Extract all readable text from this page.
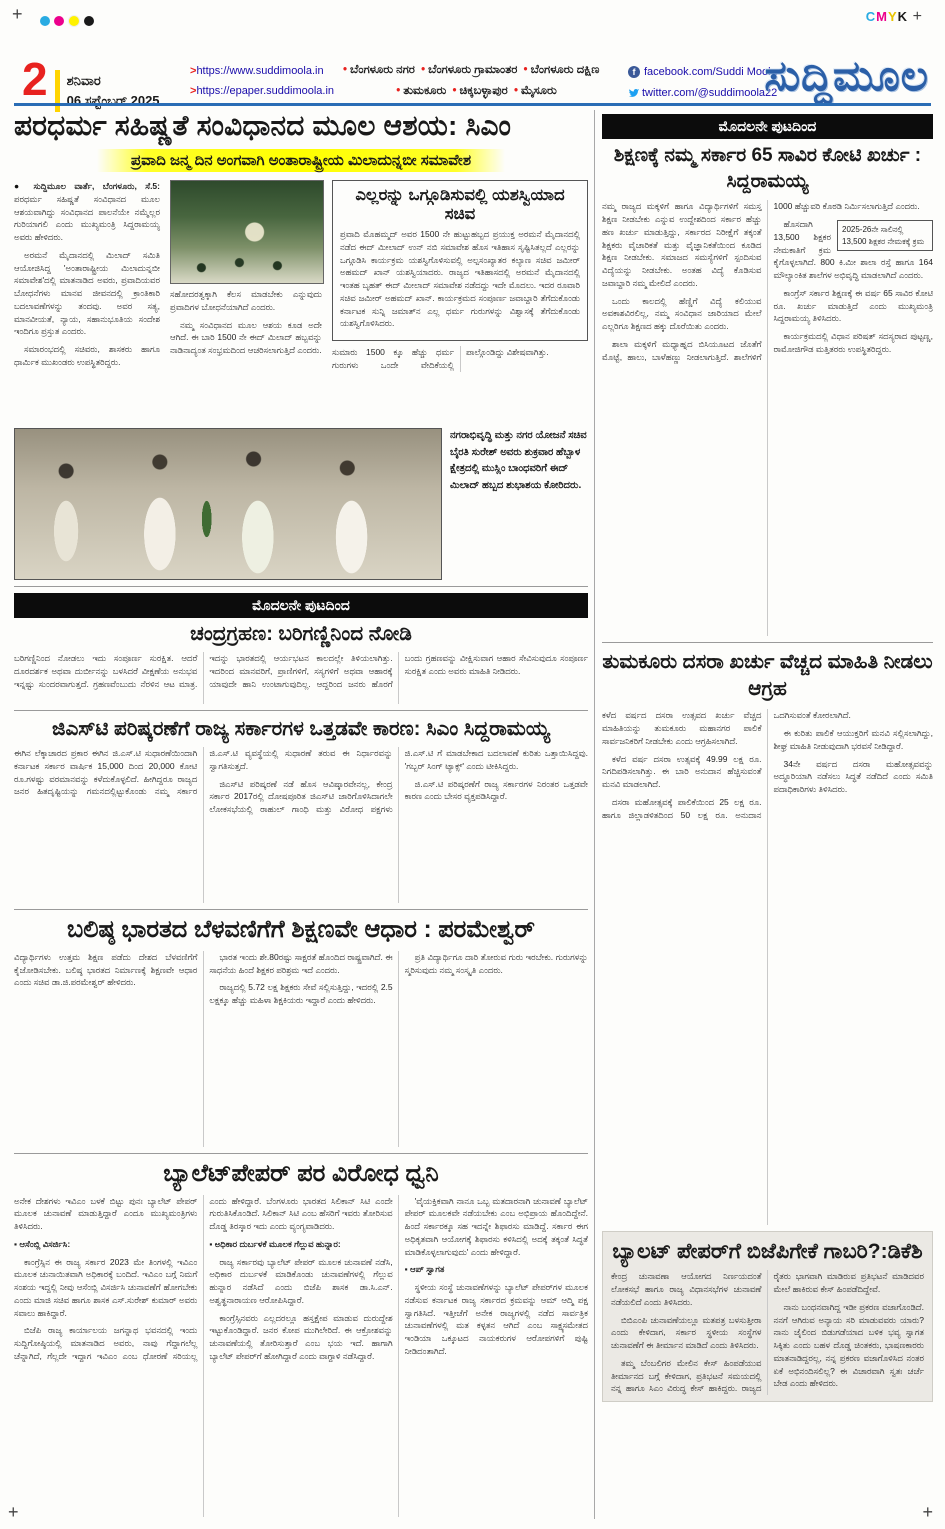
+	CMYK +
+	+
2 ಶನಿವಾರ
06 ಸಪ್ಟೆಂಬರ್ 2025
>https://www.suddimoola.in
>https://epaper.suddimoola.in
• ಬೆಂಗಳೂರು ನಗರ • ಬೆಂಗಳೂರು ಗ್ರಾಮಾಂತರ • ಬೆಂಗಳೂರು ದಕ್ಷಿಣ
• ತುಮಕೂರು • ಚಿಕ್ಕಬಳ್ಳಾಪುರ • ಮೈಸೂರು
f facebook.com/Suddi Moola
twitter.com/@suddimoola22
ಸುದ್ದಿಮೂಲ
ಪರಧರ್ಮ ಸಹಿಷ್ಣತೆ ಸಂವಿಧಾನದ ಮೂಲ ಆಶಯ: ಸಿಎಂ
ಪ್ರವಾದಿ ಜನ್ಮ ದಿನ ಅಂಗವಾಗಿ ಅಂತಾರಾಷ್ಟ್ರೀಯ ಮಿಲಾದುನ್ನಬೀ ಸಮಾವೇಶ

● ಸುದ್ದಿಮೂಲ ವಾರ್ತೆ, ಬೆಂಗಳೂರು, ಸೆ.5: ಪರಧರ್ಮ ಸಹಿಷ್ಣತೆ ಸಂವಿಧಾನದ ಮೂಲ ಆಶಯವಾಗಿದ್ದು ಸಂವಿಧಾನದ ಪಾಲನೆಯೇ ನಮ್ಮೆಲ್ಲರ ಗುರಿಯಾಗಲಿ ಎಂದು ಮುಖ್ಯಮಂತ್ರಿ ಸಿದ್ದರಾಮಯ್ಯ ಅವರು ಹೇಳಿದರು.

ಅರಮನೆ ಮೈದಾನದಲ್ಲಿ ಮಿಲಾದ್ ಸಮಿತಿ ಆಯೋಜಿಸಿದ್ದ 'ಅಂತಾರಾಷ್ಟ್ರೀಯ ಮಿಲಾದುನ್ನಬೀ ಸಮಾವೇಶ'ದಲ್ಲಿ ಮಾತನಾಡಿದ ಅವರು, ಪ್ರವಾದಿಯವರ ಬೋಧನೆಗಳು ಮಾನವ ಜೀವನದಲ್ಲಿ ಕ್ರಾಂತಿಕಾರಿ ಬದಲಾವಣೆಗಳನ್ನು ತಂದವು. ಅವರ ಸತ್ಯ, ಮಾನವೀಯತೆ, ನ್ಯಾಯ, ಸಹಾನುಭೂತಿಯ ಸಂದೇಶ ಇಂದಿಗೂ ಪ್ರಸ್ತುತ ಎಂದರು.

ಸಮಾರಂಭದಲ್ಲಿ ಸಚಿವರು, ಶಾಸಕರು ಹಾಗೂ ಧಾರ್ಮಿಕ ಮುಖಂಡರು ಉಪಸ್ಥಿತರಿದ್ದರು.

ಸಹೋದರತ್ವಕ್ಕಾಗಿ ಕೆಲಸ ಮಾಡಬೇಕು ಎನ್ನುವುದು ಪ್ರವಾದಿಗಳ ಬೋಧನೆಯಾಗಿದೆ ಎಂದರು.

ನಮ್ಮ ಸಂವಿಧಾನದ ಮೂಲ ಆಶಯ ಕೂಡ ಅದೇ ಆಗಿದೆ. ಈ ಬಾರಿ 1500 ನೇ ಈದ್ ಮಿಲಾದ್ ಹಬ್ಬವನ್ನು ನಾಡಿನಾದ್ಯಂತ ಸಂಭ್ರಮದಿಂದ ಆಚರಿಸಲಾಗುತ್ತಿದೆ ಎಂದರು.

ಎಲ್ಲರನ್ನು ಒಗ್ಗೂಡಿಸುವಲ್ಲಿ ಯಶಸ್ವಿಯಾದ ಸಚಿವ

ಪ್ರವಾದಿ ಮೊಹಮ್ಮದ್ ಅವರ 1500 ನೇ ಹುಟ್ಟುಹಬ್ಬದ ಪ್ರಯುಕ್ತ ಅರಮನೆ ಮೈದಾನದಲ್ಲಿ ನಡೆದ ಈದ್ ಮೀಲಾದ್ ಉನ್ ನಬಿ ಸಮಾವೇಶ ಹೊಸ ಇತಿಹಾಸ ಸೃಷ್ಟಿಸಿತಲ್ಲದೆ ಎಲ್ಲರನ್ನು ಒಗ್ಗೂಡಿಸಿ ಕಾರ್ಯಕ್ರಮ ಯಶಸ್ವಿಗೊಳಿಸುವಲ್ಲಿ ಅಲ್ಪಸಂಖ್ಯಾತರ ಕಲ್ಯಾಣ ಸಚಿವ ಜಮೀರ್ ಅಹಮದ್ ಖಾನ್ ಯಶಸ್ವಿಯಾದರು. ರಾಜ್ಯದ ಇತಿಹಾಸದಲ್ಲಿ ಅರಮನೆ ಮೈದಾನದಲ್ಲಿ ಇಂತಹ ಬೃಹತ್ ಈದ್ ಮೀಲಾದ್ ಸಮಾವೇಶ ನಡೆದದ್ದು ಇದೇ ಮೊದಲು. ಇದರ ರೂವಾರಿ ಸಚಿವ ಜಮೀರ್ ಅಹಮದ್ ಖಾನ್. ಕಾರ್ಯಕ್ರಮದ ಸಂಪೂರ್ಣ ಜವಾಬ್ದಾರಿ ತೆಗೆದುಕೊಂಡು ಕರ್ನಾಟಕ ಸುನ್ನಿ ಜಮಾತ್‌ನ ಎಲ್ಲ ಧರ್ಮ ಗುರುಗಳನ್ನು ವಿಶ್ವಾಸಕ್ಕೆ ತೆಗೆದುಕೊಂಡು ಯಶಸ್ವಿಗೊಳಿಸಿದರು.

ಸುಮಾರು 1500 ಕ್ಕೂ ಹೆಚ್ಚು ಧರ್ಮ ಗುರುಗಳು ಒಂದೇ ವೇದಿಕೆಯಲ್ಲಿ ಪಾಲ್ಗೊಂಡಿದ್ದು ವಿಶೇಷವಾಗಿತ್ತು.

ನಗರಾಭಿವೃದ್ಧಿ ಮತ್ತು ನಗರ ಯೋಜನೆ ಸಚಿವ ಬೈರತಿ ಸುರೇಶ್ ಅವರು ಶುಕ್ರವಾರ ಹೆಬ್ಬಾಳ ಕ್ಷೇತ್ರದಲ್ಲಿ ಮುಸ್ಲಿಂ ಬಾಂಧವರಿಗೆ ಈದ್ ಮಿಲಾದ್ ಹಬ್ಬದ ಶುಭಾಶಯ ಕೋರಿದರು.
ಮೊದಲನೇ ಪುಟದಿಂದ
ಚಂದ್ರಗ್ರಹಣ: ಬರಿಗಣ್ಣಿನಿಂದ ನೋಡಿ

ಬರಿಗಣ್ಣಿನಿಂದ ನೋಡಲು ಇದು ಸಂಪೂರ್ಣ ಸುರಕ್ಷಿತ. ಆದರೆ ದೂರದರ್ಶಕ ಅಥವಾ ದುರ್ಬೀನನ್ನು ಬಳಸಿದರೆ ವೀಕ್ಷಣೆಯ ಅನುಭವ ಇನ್ನಷ್ಟು ಸುಂದರವಾಗುತ್ತದೆ. ಗ್ರಹಣವೆಂಬುದು ನೆರಳಿನ ಆಟ ಮಾತ್ರ. ಇದನ್ನು ಭಾರತದಲ್ಲಿ ಆರ್ಯಭಟನ ಕಾಲದಲ್ಲೇ ತಿಳಿಯಲಾಗಿತ್ತು. ಇದರಿಂದ ಮಾನವರಿಗೆ, ಪ್ರಾಣಿಗಳಿಗೆ, ಸಸ್ಯಗಳಿಗೆ ಅಥವಾ ಆಹಾರಕ್ಕೆ ಯಾವುದೇ ಹಾನಿ ಉಂಟಾಗುವುದಿಲ್ಲ. ಆದ್ದರಿಂದ ಜನರು ಹೊರಗೆ ಬಂದು ಗ್ರಹಣವನ್ನು ವೀಕ್ಷಿಸುವಾಗ ಆಹಾರ ಸೇವಿಸುವುದೂ ಸಂಪೂರ್ಣ ಸುರಕ್ಷಿತ ಎಂದು ಅವರು ಮಾಹಿತಿ ನೀಡಿದರು.

ಜಿಎಸ್‌ಟಿ ಪರಿಷ್ಕರಣೆಗೆ ರಾಜ್ಯ ಸರ್ಕಾರಗಳ ಒತ್ತಡವೇ ಕಾರಣ: ಸಿಎಂ ಸಿದ್ದರಾಮಯ್ಯ

ಈಗಿನ ಲೆಕ್ಕಾಚಾರದ ಪ್ರಕಾರ ಈಗಿನ ಜಿ.ಎಸ್.ಟಿ ಸುಧಾರಣೆಯಿಂದಾಗಿ ಕರ್ನಾಟಕ ಸರ್ಕಾರ ವಾರ್ಷಿಕ 15,000 ದಿಂದ 20,000 ಕೋಟಿ ರೂ.ಗಳಷ್ಟು ವರಮಾನವನ್ನು ಕಳೆದುಕೊಳ್ಳಲಿದೆ. ಹೀಗಿದ್ದರೂ ರಾಜ್ಯದ ಜನರ ಹಿತದೃಷ್ಟಿಯನ್ನು ಗಮನದಲ್ಲಿಟ್ಟುಕೊಂಡು ನಮ್ಮ ಸರ್ಕಾರ ಜಿ.ಎಸ್.ಟಿ ವ್ಯವಸ್ಥೆಯಲ್ಲಿ ಸುಧಾರಣೆ ತರುವ ಈ ನಿರ್ಧಾರವನ್ನು ಸ್ವಾಗತಿಸುತ್ತದೆ.

ಜಿಎಸ್‌ಟಿ ಪರಿಷ್ಕರಣೆ ನಡೆ ಹೊಸ ಆವಿಷ್ಕಾರವೇನಲ್ಲ, ಕೇಂದ್ರ ಸರ್ಕಾರ 2017ರಲ್ಲಿ ದೋಷಪೂರಿತ ಜಿಎಸ್‌ಟಿ ಜಾರಿಗೊಳಿಸಿದಾಗಲೇ ಲೋಕಸಭೆಯಲ್ಲಿ ರಾಹುಲ್ ಗಾಂಧಿ ಮತ್ತು ವಿರೋಧ ಪಕ್ಷಗಳು ಜಿ.ಎಸ್.ಟಿ ಗೆ ಮಾಡಬೇಕಾದ ಬದಲಾವಣೆ ಕುರಿತು ಒತ್ತಾಯಿಸಿದ್ದವು. 'ಗಬ್ಬರ್ ಸಿಂಗ್ ಟ್ಯಾಕ್ಸ್' ಎಂದು ಟೀಕಿಸಿದ್ದರು.

ಜಿ.ಎಸ್.ಟಿ ಪರಿಷ್ಕರಣೆಗೆ ರಾಜ್ಯ ಸರ್ಕಾರಗಳ ನಿರಂತರ ಒತ್ತಡವೇ ಕಾರಣ ಎಂದು ಬೇಸರ ವ್ಯಕ್ತಪಡಿಸಿದ್ದಾರೆ.

ಬಲಿಷ್ಠ ಭಾರತದ ಬೆಳವಣಿಗೆಗೆ ಶಿಕ್ಷಣವೇ ಆಧಾರ : ಪರಮೇಶ್ವರ್

ವಿದ್ಯಾರ್ಥಿಗಳು ಉತ್ತಮ ಶಿಕ್ಷಣ ಪಡೆದು ದೇಶದ ಬೆಳವಣಿಗೆಗೆ ಕೈಜೋಡಿಸಬೇಕು. ಬಲಿಷ್ಠ ಭಾರತದ ನಿರ್ಮಾಣಕ್ಕೆ ಶಿಕ್ಷಣವೇ ಆಧಾರ ಎಂದು ಸಚಿವ ಡಾ.ಜಿ.ಪರಮೇಶ್ವರ್ ಹೇಳಿದರು.

ಭಾರತ ಇಂದು ಶೇ.80ರಷ್ಟು ಸಾಕ್ಷರತೆ ಹೊಂದಿದ ರಾಷ್ಟ್ರವಾಗಿದೆ. ಈ ಸಾಧನೆಯ ಹಿಂದೆ ಶಿಕ್ಷಕರ ಪರಿಶ್ರಮ ಇದೆ ಎಂದರು.

ರಾಜ್ಯದಲ್ಲಿ 5.72 ಲಕ್ಷ ಶಿಕ್ಷಕರು ಸೇವೆ ಸಲ್ಲಿಸುತ್ತಿದ್ದು, ಇದರಲ್ಲಿ 2.5 ಲಕ್ಷಕ್ಕೂ ಹೆಚ್ಚು ಮಹಿಳಾ ಶಿಕ್ಷಕಿಯರು ಇದ್ದಾರೆ ಎಂದು ಹೇಳಿದರು.

ಪ್ರತಿ ವಿದ್ಯಾರ್ಥಿಗೂ ದಾರಿ ತೋರುವ ಗುರು ಇರಬೇಕು. ಗುರುಗಳನ್ನು ಸ್ಮರಿಸುವುದು ನಮ್ಮ ಸಂಸ್ಕೃತಿ ಎಂದರು.

ಬ್ಯಾಲೆಟ್‌ಪೇಪರ್ ಪರ ವಿರೋಧ ಧ್ವನಿ

ಅನೇಕ ದೇಶಗಳು ಇವಿಎಂ ಬಳಕೆ ಬಿಟ್ಟು ಪುನಃ ಬ್ಯಾಲೆಟ್ ಪೇಪರ್ ಮೂಲಕ ಚುನಾವಣೆ ಮಾಡುತ್ತಿದ್ದಾರೆ ಎಂದೂ ಮುಖ್ಯಮಂತ್ರಿಗಳು ತಿಳಿಸಿದರು.

▪ ಆಸೆಂಬ್ಲಿ ವಿಸರ್ಜಿಸಿ:

ಕಾಂಗ್ರೆಸ್ಸಿನ ಈ ರಾಜ್ಯ ಸರ್ಕಾರ 2023 ಮೇ ತಿಂಗಳಲ್ಲಿ ಇವಿಎಂ ಮೂಲಕ ಚುನಾಯಿತವಾಗಿ ಅಧಿಕಾರಕ್ಕೆ ಬಂದಿದೆ. ಇವಿಎಂ ಬಗ್ಗೆ ನಿಮಗೆ ಸಂಶಯ ಇದ್ದಲ್ಲಿ ನೀವು ಆಸೆಂಬ್ಲಿ ವಿಸರ್ಜಿಸಿ ಚುನಾವಣೆಗೆ ಹೋಗಬೇಕು ಎಂದು ಮಾಜಿ ಸಚಿವ ಹಾಗೂ ಶಾಸಕ ಎಸ್.ಸುರೇಶ್ ಕುಮಾರ್ ಅವರು ಸವಾಲು ಹಾಕಿದ್ದಾರೆ.

ಬಿಜೆಪಿ ರಾಜ್ಯ ಕಾರ್ಯಾಲಯ ಜಗನ್ನಾಥ ಭವನದಲ್ಲಿ ಇಂದು ಸುದ್ದಿಗೋಷ್ಠಿಯಲ್ಲಿ ಮಾತನಾಡಿದ ಅವರು, ನಾವು ಗೆದ್ದಾಗಲೆಲ್ಲ ಚೆನ್ನಾಗಿದೆ, ಗೆಲ್ಲದೇ ಇದ್ದಾಗ ಇವಿಎಂ ಎಂಬ ಧೋರಣೆ ಸರಿಯಲ್ಲ ಎಂದು ಹೇಳಿದ್ದಾರೆ. ಬೆಂಗಳೂರು ಭಾರತದ ಸಿಲಿಕಾನ್ ಸಿಟಿ ಎಂದೇ ಗುರುತಿಸಿಕೊಂಡಿದೆ. ಸಿಲಿಕಾನ್ ಸಿಟಿ ಎಂಬ ಹೆಸರಿಗೆ ಇವರು ತೋರಿಸುವ ದೊಡ್ಡ ತಿರಸ್ಕಾರ ಇದು ಎಂದು ವ್ಯಂಗ್ಯವಾಡಿದರು.

▪ ಅಧಿಕಾರ ದುರ್ಬಳಕೆ ಮೂಲಕ ಗೆಲ್ಲುವ ಹುನ್ನಾರ:

ರಾಜ್ಯ ಸರ್ಕಾರವು ಬ್ಯಾಲೆಟ್ ಪೇಪರ್ ಮೂಲಕ ಚುನಾವಣೆ ನಡೆಸಿ, ಅಧಿಕಾರ ದುರ್ಬಳಕೆ ಮಾಡಿಕೊಂಡು ಚುನಾವಣೆಗಳಲ್ಲಿ ಗೆಲ್ಲುವ ಹುನ್ನಾರ ನಡೆಸಿದೆ ಎಂದು ಬಿಜೆಪಿ ಶಾಸಕ ಡಾ.ಸಿ.ಎನ್. ಅಶ್ವತ್ಥನಾರಾಯಣ ಆರೋಪಿಸಿದ್ದಾರೆ.

ಕಾಂಗ್ರೆಸ್ಸಿನವರು ಎಲ್ಲದರಲ್ಲೂ ಹಸ್ತಕ್ಷೇಪ ಮಾಡುವ ದುರುದ್ದೇಶ ಇಟ್ಟುಕೊಂಡಿದ್ದಾರೆ. ಜನರ ಕೋಪ ಮುಗಿಲೇರಿದೆ. ಈ ಆಕ್ರೋಶವನ್ನು ಚುನಾವಣೆಯಲ್ಲಿ ತೋರಿಸುತ್ತಾರೆ ಎಂಬ ಭಯ ಇದೆ. ಹಾಗಾಗಿ ಬ್ಯಾಲೆಟ್ ಪೇಪರ್‌ಗೆ ಹೋಗಿದ್ದಾರೆ ಎಂದು ವಾಗ್ದಾಳಿ ನಡೆಸಿದ್ದಾರೆ.

'ವೈಯಕ್ತಿಕವಾಗಿ ನಾನೂ ಒಬ್ಬ ಮತದಾರನಾಗಿ ಚುನಾವಣೆ ಬ್ಯಾಲೆಟ್ ಪೇಪರ್ ಮೂಲಕವೇ ನಡೆಯಬೇಕು ಎಂಬ ಅಭಿಪ್ರಾಯ ಹೊಂದಿದ್ದೇನೆ. ಹಿಂದೆ ಸರ್ಕಾರಕ್ಕೂ ಸಹ ಇದನ್ನೇ ಶಿಫಾರಸು ಮಾಡಿದ್ದೆ. ಸರ್ಕಾರ ಈಗ ಅಧಿಕೃತವಾಗಿ ಆಯೋಗಕ್ಕೆ ಶಿಫಾರಸು ಕಳಿಸಿದಲ್ಲಿ ಅದಕ್ಕೆ ತಕ್ಕಂತೆ ಸಿದ್ಧತೆ ಮಾಡಿಕೊಳ್ಳಲಾಗುವುದು' ಎಂದು ಹೇಳಿದ್ದಾರೆ.

▪ ಆಪ್ ಸ್ವಾಗತ

ಸ್ಥಳೀಯ ಸಂಸ್ಥೆ ಚುನಾವಣೆಗಳನ್ನು ಬ್ಯಾಲೆಟ್ ಪೇಪರ್‌ಗಳ ಮೂಲಕ ನಡೆಸುವ ಕರ್ನಾಟಕ ರಾಜ್ಯ ಸರ್ಕಾರದ ಕ್ರಮವನ್ನು ಆಮ್ ಆದ್ಮಿ ಪಕ್ಷ ಸ್ವಾಗತಿಸಿದೆ. ಇತ್ತೀಚೆಗೆ ಅನೇಕ ರಾಜ್ಯಗಳಲ್ಲಿ ನಡೆದ ಸಾರ್ವತ್ರಿಕ ಚುನಾವಣೆಗಳಲ್ಲಿ ಮತ ಕಳ್ಳತನ ಆಗಿದೆ ಎಂಬ ಸಾಕ್ಷ್ಯಸಮೇತದ ಇಂಡಿಯಾ ಒಕ್ಕೂಟದ ನಾಯಕರುಗಳ ಆರೋಪಗಳಿಗೆ ಪುಷ್ಟಿ ನೀಡಿದಂತಾಗಿದೆ.

ಮೊದಲನೇ ಪುಟದಿಂದ
ಶಿಕ್ಷಣಕ್ಕೆ ನಮ್ಮ ಸರ್ಕಾರ 65 ಸಾವಿರ ಕೋಟಿ ಖರ್ಚು : ಸಿದ್ದರಾಮಯ್ಯ

ನಮ್ಮ ರಾಜ್ಯದ ಮಕ್ಕಳಿಗೆ ಹಾಗೂ ವಿದ್ಯಾರ್ಥಿಗಳಿಗೆ ಸಮಸ್ತ ಶಿಕ್ಷಣ ನೀಡಬೇಕು ಎನ್ನುವ ಉದ್ದೇಶದಿಂದ ಸರ್ಕಾರ ಹೆಚ್ಚು ಹಣ ಖರ್ಚು ಮಾಡುತ್ತಿದ್ದು, ಸರ್ಕಾರದ ನಿರೀಕ್ಷೆಗೆ ತಕ್ಕಂತೆ ಶಿಕ್ಷಕರು ವೈಚಾರಿಕತೆ ಮತ್ತು ವೈಜ್ಞಾನಿಕತೆಯಿಂದ ಕೂಡಿದ ಶಿಕ್ಷಣ ನೀಡಬೇಕು. ಸಮಾಜದ ಸಮಸ್ಯೆಗಳಿಗೆ ಸ್ಪಂದಿಸುವ ವಿದ್ಯೆಯನ್ನು ನೀಡಬೇಕು. ಅಂತಹ ವಿದ್ಯೆ ಕೊಡಿಸುವ ಜವಾಬ್ದಾರಿ ನಮ್ಮ ಮೇಲಿದೆ ಎಂದರು.

ಒಂದು ಕಾಲದಲ್ಲಿ ಹೆಣ್ಣಿಗೆ ವಿದ್ಯೆ ಕಲಿಯುವ ಅವಕಾಶವಿರಲಿಲ್ಲ, ನಮ್ಮ ಸಂವಿಧಾನ ಜಾರಿಯಾದ ಮೇಲೆ ಎಲ್ಲರಿಗೂ ಶಿಕ್ಷಣದ ಹಕ್ಕು ದೊರೆಯಿತು ಎಂದರು.

ಶಾಲಾ ಮಕ್ಕಳಿಗೆ ಮಧ್ಯಾಹ್ನದ ಬಿಸಿಯೂಟದ ಜೊತೆಗೆ ಮೊಟ್ಟೆ, ಹಾಲು, ಬಾಳೆಹಣ್ಣು ನೀಡಲಾಗುತ್ತಿದೆ. ಶಾಲೆಗಳಿಗೆ 1000 ಹೆಚ್ಚುವರಿ ಕೊಠಡಿ ನಿರ್ಮಿಸಲಾಗುತ್ತಿದೆ ಎಂದರು.

2025-26ನೇ ಸಾಲಿನಲ್ಲಿ 13,500 ಶಿಕ್ಷಕರ ನೇಮಕಕ್ಕೆ ಕ್ರಮ

ಹೊಸದಾಗಿ 13,500 ಶಿಕ್ಷಕರ ನೇಮಕಾತಿಗೆ ಕ್ರಮ ಕೈಗೊಳ್ಳಲಾಗಿದೆ. 800 ಕಿ.ಮೀ ಶಾಲಾ ರಸ್ತೆ ಹಾಗೂ 164 ಮೌಲ್ಯಾಂಕಿತ ಶಾಲೆಗಳ ಅಭಿವೃದ್ಧಿ ಮಾಡಲಾಗಿದೆ ಎಂದರು.

ಕಾಂಗ್ರೆಸ್ ಸರ್ಕಾರ ಶಿಕ್ಷಣಕ್ಕೆ ಈ ವರ್ಷ 65 ಸಾವಿರ ಕೋಟಿ ರೂ. ಖರ್ಚು ಮಾಡುತ್ತಿದೆ ಎಂದು ಮುಖ್ಯಮಂತ್ರಿ ಸಿದ್ದರಾಮಯ್ಯ ತಿಳಿಸಿದರು.

ಕಾರ್ಯಕ್ರಮದಲ್ಲಿ ವಿಧಾನ ಪರಿಷತ್ ಸದಸ್ಯರಾದ ಪುಟ್ಟಣ್ಣ, ರಾಮೋಜಿಗೌಡ ಮತ್ತಿತರರು ಉಪಸ್ಥಿತರಿದ್ದರು.

ತುಮಕೂರು ದಸರಾ ಖರ್ಚು ವೆಚ್ಚದ ಮಾಹಿತಿ ನೀಡಲು ಆಗ್ರಹ

ಕಳೆದ ವರ್ಷದ ದಸರಾ ಉತ್ಸವದ ಖರ್ಚು ವೆಚ್ಚದ ಮಾಹಿತಿಯನ್ನು ತುಮಕೂರು ಮಹಾನಗರ ಪಾಲಿಕೆ ಸಾರ್ವಜನಿಕರಿಗೆ ನೀಡಬೇಕು ಎಂದು ಆಗ್ರಹಿಸಲಾಗಿದೆ.

ಕಳೆದ ವರ್ಷ ದಸರಾ ಉತ್ಸವಕ್ಕೆ 49.99 ಲಕ್ಷ ರೂ. ನಿಗದಿಪಡಿಸಲಾಗಿತ್ತು. ಈ ಬಾರಿ ಅನುದಾನ ಹೆಚ್ಚಿಸುವಂತೆ ಮನವಿ ಮಾಡಲಾಗಿದೆ.

ದಸರಾ ಮಹೋತ್ಸವಕ್ಕೆ ಪಾಲಿಕೆಯಿಂದ 25 ಲಕ್ಷ ರೂ. ಹಾಗೂ ಜಿಲ್ಲಾಡಳಿತದಿಂದ 50 ಲಕ್ಷ ರೂ. ಅನುದಾನ ಒದಗಿಸುವಂತೆ ಕೋರಲಾಗಿದೆ.

ಈ ಕುರಿತು ಪಾಲಿಕೆ ಆಯುಕ್ತರಿಗೆ ಮನವಿ ಸಲ್ಲಿಸಲಾಗಿದ್ದು, ಶೀಘ್ರ ಮಾಹಿತಿ ನೀಡುವುದಾಗಿ ಭರವಸೆ ನೀಡಿದ್ದಾರೆ.

34ನೇ ವರ್ಷದ ದಸರಾ ಮಹೋತ್ಸವವನ್ನು ಅದ್ಧೂರಿಯಾಗಿ ನಡೆಸಲು ಸಿದ್ಧತೆ ನಡೆದಿದೆ ಎಂದು ಸಮಿತಿ ಪದಾಧಿಕಾರಿಗಳು ತಿಳಿಸಿದರು.

ಬ್ಯಾಲಟ್ ಪೇಪರ್‌ಗೆ ಬಿಜೆಪಿಗೇಕೆ ಗಾಬರಿ?:ಡಿಕೆಶಿ

ಕೇಂದ್ರ ಚುನಾವಣಾ ಆಯೋಗದ ನಿರ್ಣಯದಂತೆ ಲೋಕಸಭೆ ಹಾಗೂ ರಾಜ್ಯ ವಿಧಾನಸಭೆಗಳ ಚುನಾವಣೆ ನಡೆಯಲಿದೆ ಎಂದು ತಿಳಿಸಿದರು.

ಬಿಬಿಎಂಪಿ ಚುನಾವಣೆಯಲ್ಲೂ ಮತಪತ್ರ ಬಳಸುತ್ತೀರಾ ಎಂದು ಕೇಳಿದಾಗ, ಸರ್ಕಾರ ಸ್ಥಳೀಯ ಸಂಸ್ಥೆಗಳ ಚುನಾವಣೆಗೆ ಈ ತೀರ್ಮಾನ ಮಾಡಿದೆ ಎಂದು ತಿಳಿಸಿದರು.

ತಮ್ಮ ಬೆಂಬಲಿಗರ ಮೇಲಿನ ಕೇಸ್ ಹಿಂಪಡೆಯುವ ತೀರ್ಮಾನದ ಬಗ್ಗೆ ಕೇಳಿದಾಗ, ಪ್ರತಿಭಟನೆ ಸಮಯದಲ್ಲಿ ನನ್ನ ಹಾಗೂ ಸಿಎಂ ವಿರುದ್ಧ ಕೇಸ್ ಹಾಕಿದ್ದರು. ರಾಜ್ಯದ ರೈತರು ಭಾಗವಾಗಿ ಮಾಡಿರುವ ಪ್ರತಿಭಟನೆ ಮಾಡಿದವರ ಮೇಲೆ ಹಾಕಿರುವ ಕೇಸ್ ಹಿಂಪಡೆದಿದ್ದೇವೆ.

ನಾನು ಬಂಧನವಾಗಿದ್ದ ಇಡೀ ಪ್ರಕರಣ ವಜಾಗೊಂಡಿದೆ. ನನಗೆ ಆಗಿರುವ ಅನ್ಯಾಯ ಸರಿ ಮಾಡುವವರು ಯಾರು? ನಾನು ಜೈಲಿಂದ ಬಿಡುಗಡೆಯಾದ ಬಳಿಕ ಭವ್ಯ ಸ್ವಾಗತ ಸಿಕ್ಕಿತು ಎಂದು ಬಹಳ ದೊಡ್ಡ ಚಿಂತಕರು, ಭಾಷಣಕಾರರು ಮಾತನಾಡಿದ್ದರಲ್ಲ, ನನ್ನ ಪ್ರಕರಣ ವಜಾಗೊಳಿಸಿದ ನಂತರ ಏಕೆ ಅಭಿನಂದಿಸಲಿಲ್ಲ? ಈ ವಿಚಾರವಾಗಿ ಸ್ವತಃ ಚರ್ಚೆ ಬೇಡ ಎಂದು ಹೇಳಿದರು.
